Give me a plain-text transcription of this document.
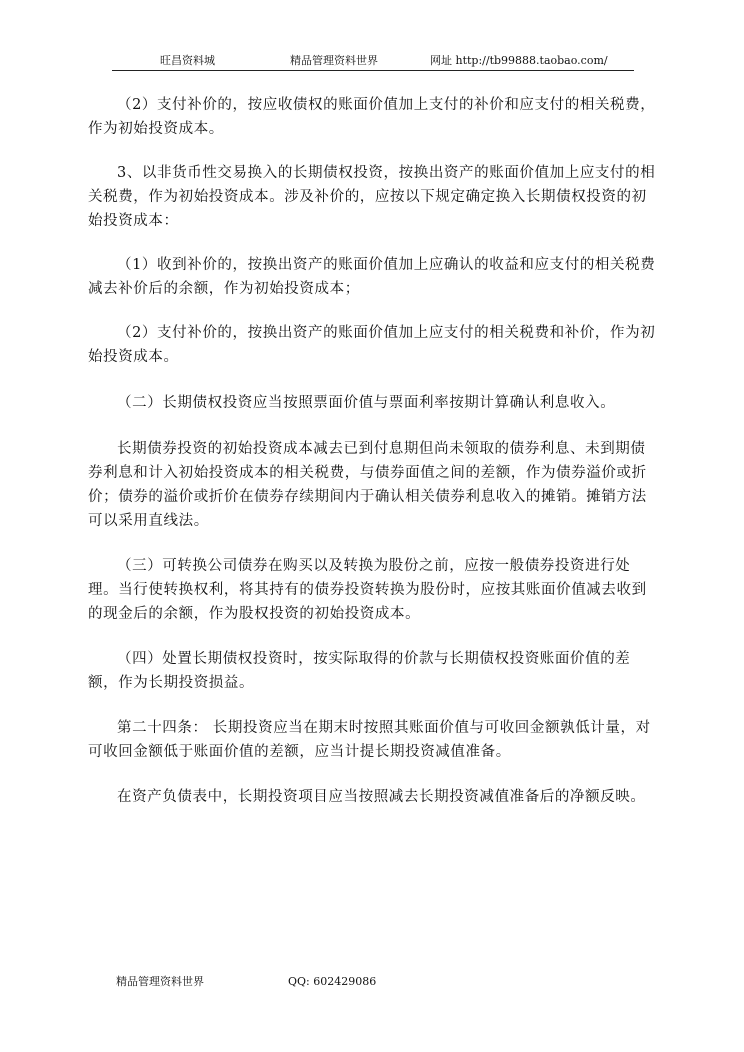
旺昌资料城	精品管理资料世界	网址 http://tb99888.taobao.com/

（2）支付补价的，按应收债权的账面价值加上支付的补价和应支付的相关税费，作为初始投资成本。

3、以非货币性交易换入的长期债权投资，按换出资产的账面价值加上应支付的相关税费，作为初始投资成本。涉及补价的，应按以下规定确定换入长期债权投资的初始投资成本：

（1）收到补价的，按换出资产的账面价值加上应确认的收益和应支付的相关税费减去补价后的余额，作为初始投资成本；

（2）支付补价的，按换出资产的账面价值加上应支付的相关税费和补价，作为初始投资成本。

（二）长期债权投资应当按照票面价值与票面利率按期计算确认利息收入。

长期债券投资的初始投资成本减去已到付息期但尚未领取的债券利息、未到期债券利息和计入初始投资成本的相关税费，与债券面值之间的差额，作为债券溢价或折价；债券的溢价或折价在债券存续期间内于确认相关债券利息收入的摊销。摊销方法可以采用直线法。

（三）可转换公司债券在购买以及转换为股份之前，应按一般债券投资进行处理。当行使转换权利，将其持有的债券投资转换为股份时，应按其账面价值减去收到的现金后的余额，作为股权投资的初始投资成本。

（四）处置长期债权投资时，按实际取得的价款与长期债权投资账面价值的差额，作为长期投资损益。

第二十四条： 长期投资应当在期末时按照其账面价值与可收回金额孰低计量，对可收回金额低于账面价值的差额，应当计提长期投资减值准备。

在资产负债表中，长期投资项目应当按照减去长期投资减值准备后的净额反映。

精品管理资料世界	QQ: 602429086
